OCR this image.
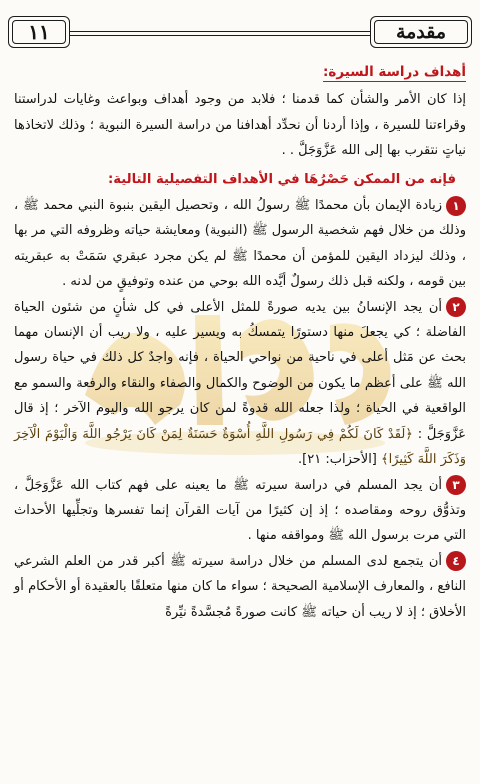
١١	مقدمة
أهداف دراسة السيرة:

إذا كان الأمر والشأن كما قدمنا ؛ فلابد من وجود أهداف وبواعث وغايات لدراستنا وقراءتنا للسيرة ، وإذا أردنا أن نحدِّد أهدافنا من دراسة السيرة النبوية ؛ وذلك لاتخاذها نياتٍ نتقرب بها إلى الله عَزَّوَجَلَّ . .

فإنه من الممكن حَصْرُهَا في الأهداف التفصيلية التالية:

١زيادة الإيمان بأن محمدًا ﷺ رسولُ الله ، وتحصيل اليقين بنبوة النبي محمد ﷺ ، وذلك من خلال فهم شخصية الرسول ﷺ (النبوية) ومعايشة حياته وظروفه التي مر بها ، وذلك ليزداد اليقين للمؤمن أن محمدًا ﷺ لم يكن مجرد عبقري سَمَتْ به عبقريته بين قومه ، ولكنه قبل ذلك رسولٌ أيَّده الله بوحي من عنده وتوفيقٍ من لدنه .

٢أن يجد الإنسانُ بين يديه صورةً للمثل الأعلى في كل شأنٍ من شئون الحياة الفاضلة ؛ كي يجعلَ منها دستورًا يتمسكُ به ويسير عليه ، ولا ريب أن الإنسان مهما بحث عن مَثل أعلى في ناحية من نواحي الحياة ، فإنه واجدٌ كل ذلك في حياة رسول الله ﷺ على أعظم ما يكون من الوضوح والكمال والصفاء والنقاء والرفعة والسمو مع الواقعية في الحياة ؛ ولذا جعله الله قدوةً لمن كان يرجو الله واليوم الآخر ؛ إذ قال عَزَّوَجَلَّ : ﴿لَقَدْ كَانَ لَكُمْ فِي رَسُولِ اللَّهِ أُسْوَةٌ حَسَنَةٌ لِمَنْ كَانَ يَرْجُو اللَّهَ وَالْيَوْمَ الْآخِرَ وَذَكَرَ اللَّهَ كَثِيرًا﴾ [الأحزاب: ٢١].

٣أن يجد المسلم في دراسة سيرته ﷺ ما يعينه على فهم كتاب الله عَزَّوَجَلَّ ، وتذوُّق روحه ومقاصده ؛ إذ إن كثيرًا من آيات القرآن إنما تفسرها وتجلِّيها الأحداث التي مرت برسول الله ﷺ ومواقفه منها .

٤أن يتجمع لدى المسلم من خلال دراسة سيرته ﷺ أكبر قدر من العلم الشرعي النافع ، والمعارف الإسلامية الصحيحة ؛ سواء ما كان منها متعلقًا بالعقيدة أو الأحكام أو الأخلاق ؛ إذ لا ريب أن حياته ﷺ كانت صورةً مُجسَّدةً نيِّرةً
